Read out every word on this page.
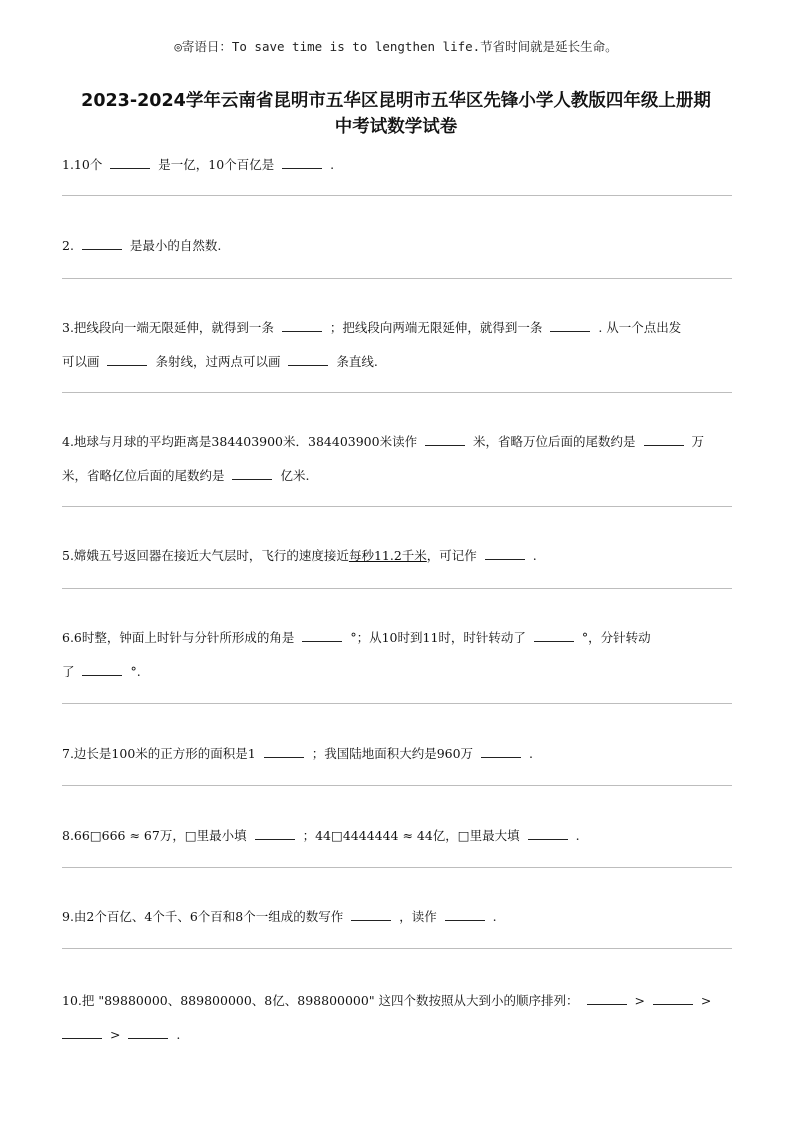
◎寄语日：To save time is to lengthen life.节省时间就是延长生命。
2023-2024学年云南省昆明市五华区昆明市五华区先锋小学人教版四年级上册期
中考试数学试卷
1.10个	是一亿，10个百亿是	.
2.	是最小的自然数.
3.把线段向一端无限延伸，就得到一条	；把线段向两端无限延伸，就得到一条	. 从一个点出发
可以画	条射线，过两点可以画	条直线.
4.地球与月球的平均距离是384403900米．384403900米读作	米，省略万位后面的尾数约是	万
米，省略亿位后面的尾数约是	亿米.
5.嫦娥五号返回器在接近大气层时，飞行的速度接近每秒11.2千米，可记作	.
6.6时整，钟面上时针与分针所形成的角是	°；从10时到11时，时针转动了	°，分针转动
了	°.
7.边长是100米的正方形的面积是1	；我国陆地面积大约是960万	.
8.66□666 ≈ 67万，□里最小填	；44□4444444 ≈ 44亿，□里最大填	.
9.由2个百亿、4个千、6个百和8个一组成的数写作	，读作	.
10.把 "89880000、889800000、8亿、898800000" 这四个数按照从大到小的顺序排列：	>	>
>	.
